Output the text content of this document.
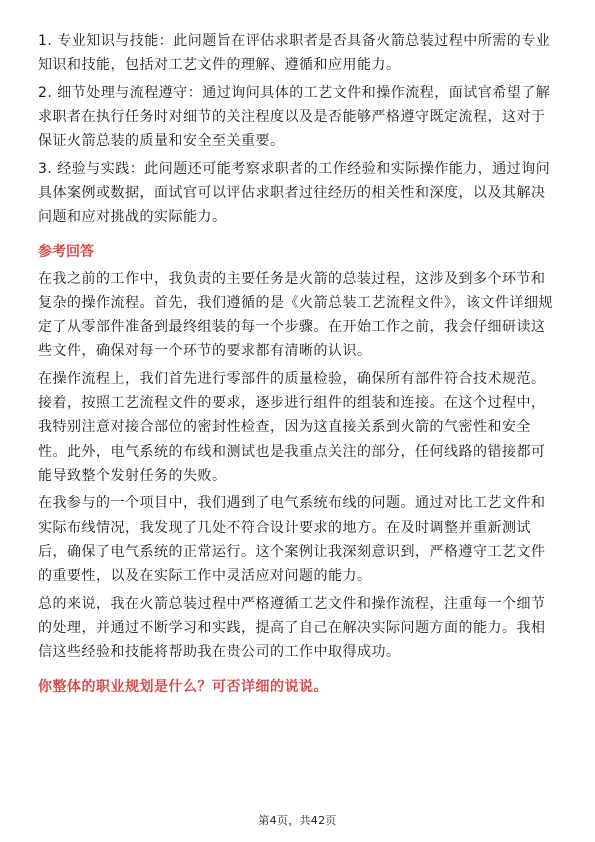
1. 专业知识与技能：此问题旨在评估求职者是否具备火箭总装过程中所需的专业知识和技能，包括对工艺文件的理解、遵循和应用能力。

2. 细节处理与流程遵守：通过询问具体的工艺文件和操作流程，面试官希望了解求职者在执行任务时对细节的关注程度以及是否能够严格遵守既定流程，这对于保证火箭总装的质量和安全至关重要。

3. 经验与实践：此问题还可能考察求职者的工作经验和实际操作能力，通过询问具体案例或数据，面试官可以评估求职者过往经历的相关性和深度，以及其解决问题和应对挑战的实际能力。

参考回答

在我之前的工作中，我负责的主要任务是火箭的总装过程，这涉及到多个环节和复杂的操作流程。首先，我们遵循的是《火箭总装工艺流程文件》，该文件详细规定了从零部件准备到最终组装的每一个步骤。在开始工作之前，我会仔细研读这些文件，确保对每一个环节的要求都有清晰的认识。

在操作流程上，我们首先进行零部件的质量检验，确保所有部件符合技术规范。接着，按照工艺流程文件的要求，逐步进行组件的组装和连接。在这个过程中，我特别注意对接合部位的密封性检查，因为这直接关系到火箭的气密性和安全性。此外，电气系统的布线和测试也是我重点关注的部分，任何线路的错接都可能导致整个发射任务的失败。

在我参与的一个项目中，我们遇到了电气系统布线的问题。通过对比工艺文件和实际布线情况，我发现了几处不符合设计要求的地方。在及时调整并重新测试后，确保了电气系统的正常运行。这个案例让我深刻意识到，严格遵守工艺文件的重要性，以及在实际工作中灵活应对问题的能力。

总的来说，我在火箭总装过程中严格遵循工艺文件和操作流程，注重每一个细节的处理，并通过不断学习和实践，提高了自己在解决实际问题方面的能力。我相信这些经验和技能将帮助我在贵公司的工作中取得成功。

你整体的职业规划是什么？可否详细的说说。
第4页，共42页
